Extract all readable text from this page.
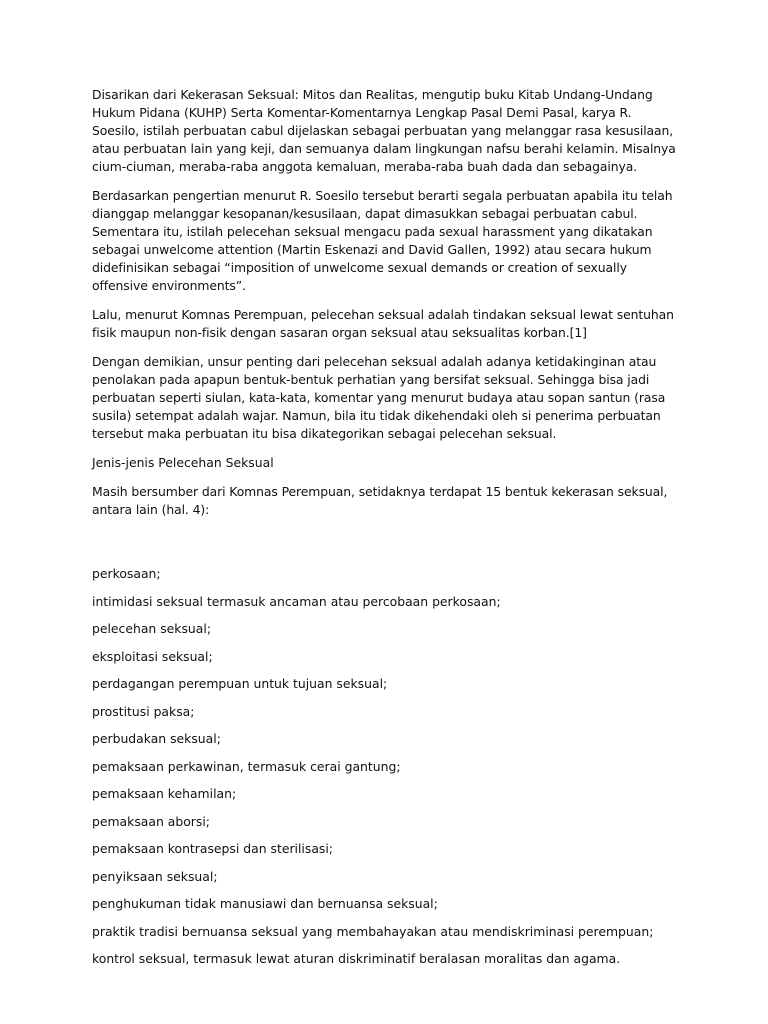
Disarikan dari Kekerasan Seksual: Mitos dan Realitas, mengutip buku Kitab Undang-Undang Hukum Pidana (KUHP) Serta Komentar-Komentarnya Lengkap Pasal Demi Pasal, karya R. Soesilo, istilah perbuatan cabul dijelaskan sebagai perbuatan yang melanggar rasa kesusilaan, atau perbuatan lain yang keji, dan semuanya dalam lingkungan nafsu berahi kelamin. Misalnya cium-ciuman, meraba-raba anggota kemaluan, meraba-raba buah dada dan sebagainya.

Berdasarkan pengertian menurut R. Soesilo tersebut berarti segala perbuatan apabila itu telah dianggap melanggar kesopanan/kesusilaan, dapat dimasukkan sebagai perbuatan cabul. Sementara itu, istilah pelecehan seksual mengacu pada sexual harassment yang dikatakan sebagai unwelcome attention (Martin Eskenazi and David Gallen, 1992) atau secara hukum didefinisikan sebagai “imposition of unwelcome sexual demands or creation of sexually offensive environments”.

Lalu, menurut Komnas Perempuan, pelecehan seksual adalah tindakan seksual lewat sentuhan fisik maupun non-fisik dengan sasaran organ seksual atau seksualitas korban.[1]

Dengan demikian, unsur penting dari pelecehan seksual adalah adanya ketidakinginan atau penolakan pada apapun bentuk-bentuk perhatian yang bersifat seksual. Sehingga bisa jadi perbuatan seperti siulan, kata-kata, komentar yang menurut budaya atau sopan santun (rasa susila) setempat adalah wajar. Namun, bila itu tidak dikehendaki oleh si penerima perbuatan tersebut maka perbuatan itu bisa dikategorikan sebagai pelecehan seksual.

Jenis-jenis Pelecehan Seksual

Masih bersumber dari Komnas Perempuan, setidaknya terdapat 15 bentuk kekerasan seksual, antara lain (hal. 4):

perkosaan;
intimidasi seksual termasuk ancaman atau percobaan perkosaan;
pelecehan seksual;
eksploitasi seksual;
perdagangan perempuan untuk tujuan seksual;
prostitusi paksa;
perbudakan seksual;
pemaksaan perkawinan, termasuk cerai gantung;
pemaksaan kehamilan;
pemaksaan aborsi;
pemaksaan kontrasepsi dan sterilisasi;
penyiksaan seksual;
penghukuman tidak manusiawi dan bernuansa seksual;
praktik tradisi bernuansa seksual yang membahayakan atau mendiskriminasi perempuan;
kontrol seksual, termasuk lewat aturan diskriminatif beralasan moralitas dan agama.
